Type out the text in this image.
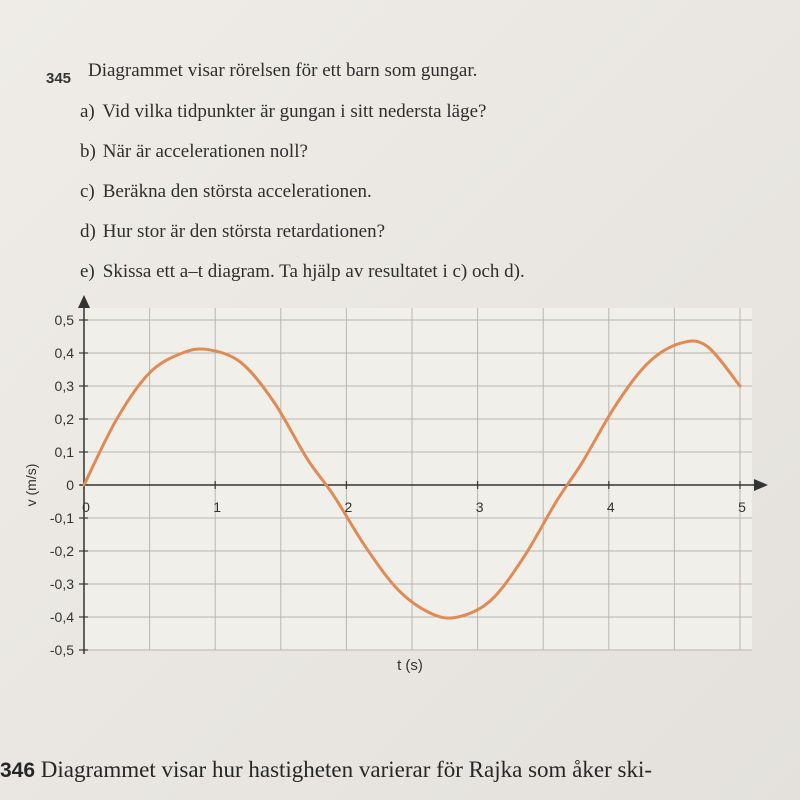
345 Diagrammet visar rörelsen för ett barn som gungar.
a) Vid vilka tidpunkter är gungan i sitt nedersta läge?
b) När är accelerationen noll?
c) Beräkna den största accelerationen.
d) Hur stor är den största retardationen?
e) Skissa ett a–t diagram. Ta hjälp av resultatet i c) och d).
0,5
0,4
0,3
0,2
0,1
0
-0,1
-0,2
-0,3
-0,4
-0,5
0	1	2	3	4	5
t (s)
v (m/s)
346 Diagrammet visar hur hastigheten varierar för Rajka som åker ski-
